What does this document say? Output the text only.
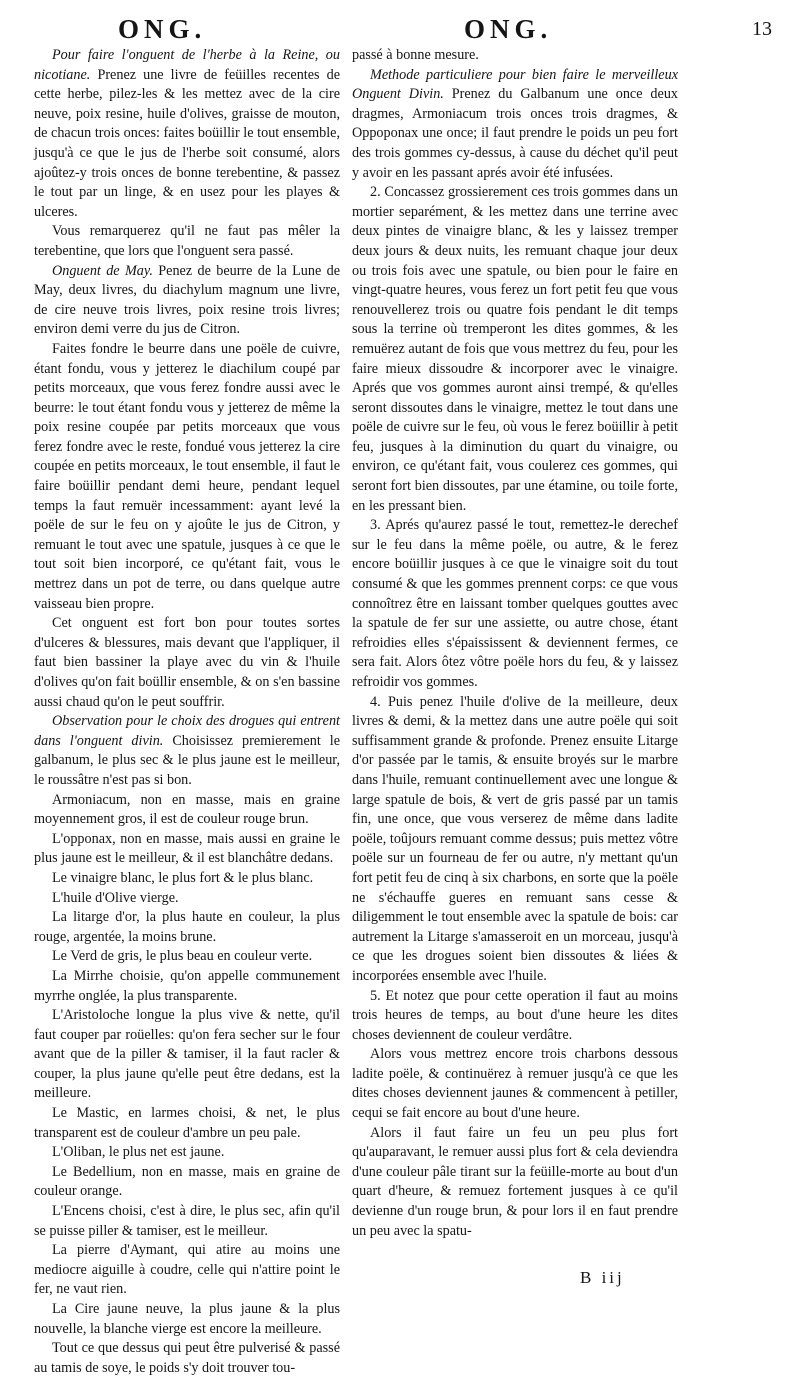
ONG.	ONG.	13

Pour faire l'onguent de l'herbe à la Reine, ou nicotiane. Prenez une livre de feüilles recentes de cette herbe, pilez-les & les mettez avec de la cire neuve, poix resine, huile d'olives, graisse de mouton, de chacun trois onces: faites boüillir le tout ensemble, jusqu'à ce que le jus de l'herbe soit consumé, alors ajoûtez-y trois onces de bonne terebentine, & passez le tout par un linge, & en usez pour les playes & ulceres.

Vous remarquerez qu'il ne faut pas mêler la terebentine, que lors que l'onguent sera passé.

Onguent de May. Penez de beurre de la Lune de May, deux livres, du diachylum magnum une livre, de cire neuve trois livres, poix resine trois livres; environ demi verre du jus de Citron.

Faites fondre le beurre dans une poële de cuivre, étant fondu, vous y jetterez le diachilum coupé par petits morceaux, que vous ferez fondre aussi avec le beurre: le tout étant fondu vous y jetterez de même la poix resine coupée par petits morceaux que vous ferez fondre avec le reste, fondué vous jetterez la cire coupée en petits morceaux, le tout ensemble, il faut le faire boüillir pendant demi heure, pendant lequel temps la faut remuër incessamment: ayant levé la poële de sur le feu on y ajoûte le jus de Citron, y remuant le tout avec une spatule, jusques à ce que le tout soit bien incorporé, ce qu'étant fait, vous le mettrez dans un pot de terre, ou dans quelque autre vaisseau bien propre.

Cet onguent est fort bon pour toutes sortes d'ulceres & blessures, mais devant que l'appliquer, il faut bien bassiner la playe avec du vin & l'huile d'olives qu'on fait boüllir ensemble, & on s'en bassine aussi chaud qu'on le peut souffrir.

Observation pour le choix des drogues qui entrent dans l'onguent divin. Choisissez premierement le galbanum, le plus sec & le plus jaune est le meilleur, le roussâtre n'est pas si bon.

Armoniacum, non en masse, mais en graine moyennement gros, il est de couleur rouge brun.

L'opponax, non en masse, mais aussi en graine le plus jaune est le meilleur, & il est blanchâtre dedans.

Le vinaigre blanc, le plus fort & le plus blanc.

L'huile d'Olive vierge.

La litarge d'or, la plus haute en couleur, la plus rouge, argentée, la moins brune.

Le Verd de gris, le plus beau en couleur verte.

La Mirrhe choisie, qu'on appelle communement myrrhe onglée, la plus transparente.

L'Aristoloche longue la plus vive & nette, qu'il faut couper par roüelles: qu'on fera secher sur le four avant que de la piller & tamiser, il la faut racler & couper, la plus jaune qu'elle peut être dedans, est la meilleure.

Le Mastic, en larmes choisi, & net, le plus transparent est de couleur d'ambre un peu pale.

L'Oliban, le plus net est jaune.

Le Bedellium, non en masse, mais en graine de couleur orange.

L'Encens choisi, c'est à dire, le plus sec, afin qu'il se puisse piller & tamiser, est le meilleur.

La pierre d'Aymant, qui atire au moins une mediocre aiguille à coudre, celle qui n'attire point le fer, ne vaut rien.

La Cire jaune neuve, la plus jaune & la plus nouvelle, la blanche vierge est encore la meilleure.

Tout ce que dessus qui peut être pulverisé & passé au tamis de soye, le poids s'y doit trouver tou-

passé à bonne mesure.

Methode particuliere pour bien faire le merveilleux Onguent Divin. Prenez du Galbanum une once deux dragmes, Armoniacum trois onces trois dragmes, & Oppoponax une once; il faut prendre le poids un peu fort des trois gommes cy-dessus, à cause du déchet qu'il peut y avoir en les passant aprés avoir été infusées.

2. Concassez grossierement ces trois gommes dans un mortier separément, & les mettez dans une terrine avec deux pintes de vinaigre blanc, & les y laissez tremper deux jours & deux nuits, les remuant chaque jour deux ou trois fois avec une spatule, ou bien pour le faire en vingt-quatre heures, vous ferez un fort petit feu que vous renouvellerez trois ou quatre fois pendant le dit temps sous la terrine où tremperont les dites gommes, & les remuërez autant de fois que vous mettrez du feu, pour les faire mieux dissoudre & incorporer avec le vinaigre. Aprés que vos gommes auront ainsi trempé, & qu'elles seront dissoutes dans le vinaigre, mettez le tout dans une poële de cuivre sur le feu, où vous le ferez boüillir à petit feu, jusques à la diminution du quart du vinaigre, ou environ, ce qu'étant fait, vous coulerez ces gommes, qui seront fort bien dissoutes, par une étamine, ou toile forte, en les pressant bien.

3. Aprés qu'aurez passé le tout, remettez-le derechef sur le feu dans la même poële, ou autre, & le ferez encore boüillir jusques à ce que le vinaigre soit du tout consumé & que les gommes prennent corps: ce que vous connoîtrez être en laissant tomber quelques gouttes avec la spatule de fer sur une assiette, ou autre chose, étant refroidies elles s'épaississent & deviennent fermes, ce sera fait. Alors ôtez vôtre poële hors du feu, & y laissez refroidir vos gommes.

4. Puis penez l'huile d'olive de la meilleure, deux livres & demi, & la mettez dans une autre poële qui soit suffisamment grande & profonde. Prenez ensuite Litarge d'or passée par le tamis, & ensuite broyés sur le marbre dans l'huile, remuant continuellement avec une longue & large spatule de bois, & vert de gris passé par un tamis fin, une once, que vous verserez de même dans ladite poële, toûjours remuant comme dessus; puis mettez vôtre poële sur un fourneau de fer ou autre, n'y mettant qu'un fort petit feu de cinq à six charbons, en sorte que la poële ne s'échauffe gueres en remuant sans cesse & diligemment le tout ensemble avec la spatule de bois: car autrement la Litarge s'amasseroit en un morceau, jusqu'à ce que les drogues soient bien dissoutes & liées & incorporées ensemble avec l'huile.

5. Et notez que pour cette operation il faut au moins trois heures de temps, au bout d'une heure les dites choses deviennent de couleur verdâtre.

Alors vous mettrez encore trois charbons dessous ladite poële, & continuërez à remuer jusqu'à ce que les dites choses deviennent jaunes & commencent à petiller, cequi se fait encore au bout d'une heure.

Alors il faut faire un feu un peu plus fort qu'auparavant, le remuer aussi plus fort & cela deviendra d'une couleur pâle tirant sur la feüille-morte au bout d'un quart d'heure, & remuez fortement jusques à ce qu'il devienne d'un rouge brun, & pour lors il en faut prendre un peu avec la spatu-

B iij
